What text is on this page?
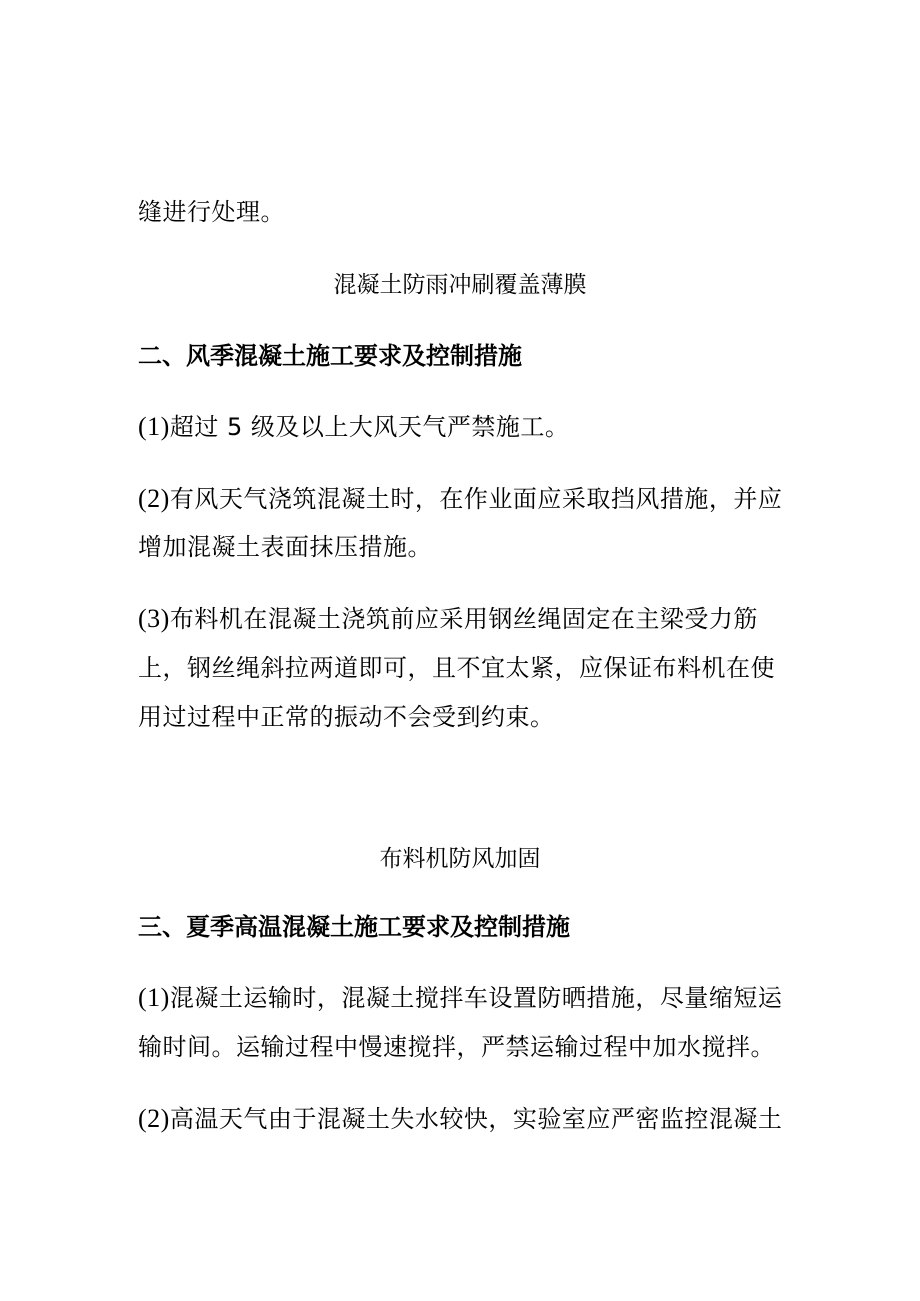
缝进行处理。
混凝土防雨冲刷覆盖薄膜
二、风季混凝土施工要求及控制措施
(1)超过 5 级及以上大风天气严禁施工。
(2)有风天气浇筑混凝土时，在作业面应采取挡风措施，并应
增加混凝土表面抹压措施。
(3)布料机在混凝土浇筑前应采用钢丝绳固定在主梁受力筋
上，钢丝绳斜拉两道即可，且不宜太紧，应保证布料机在使
用过过程中正常的振动不会受到约束。
布料机防风加固
三、夏季高温混凝土施工要求及控制措施
(1)混凝土运输时，混凝土搅拌车设置防晒措施，尽量缩短运
输时间。运输过程中慢速搅拌，严禁运输过程中加水搅拌。
(2)高温天气由于混凝土失水较快，实验室应严密监控混凝土
